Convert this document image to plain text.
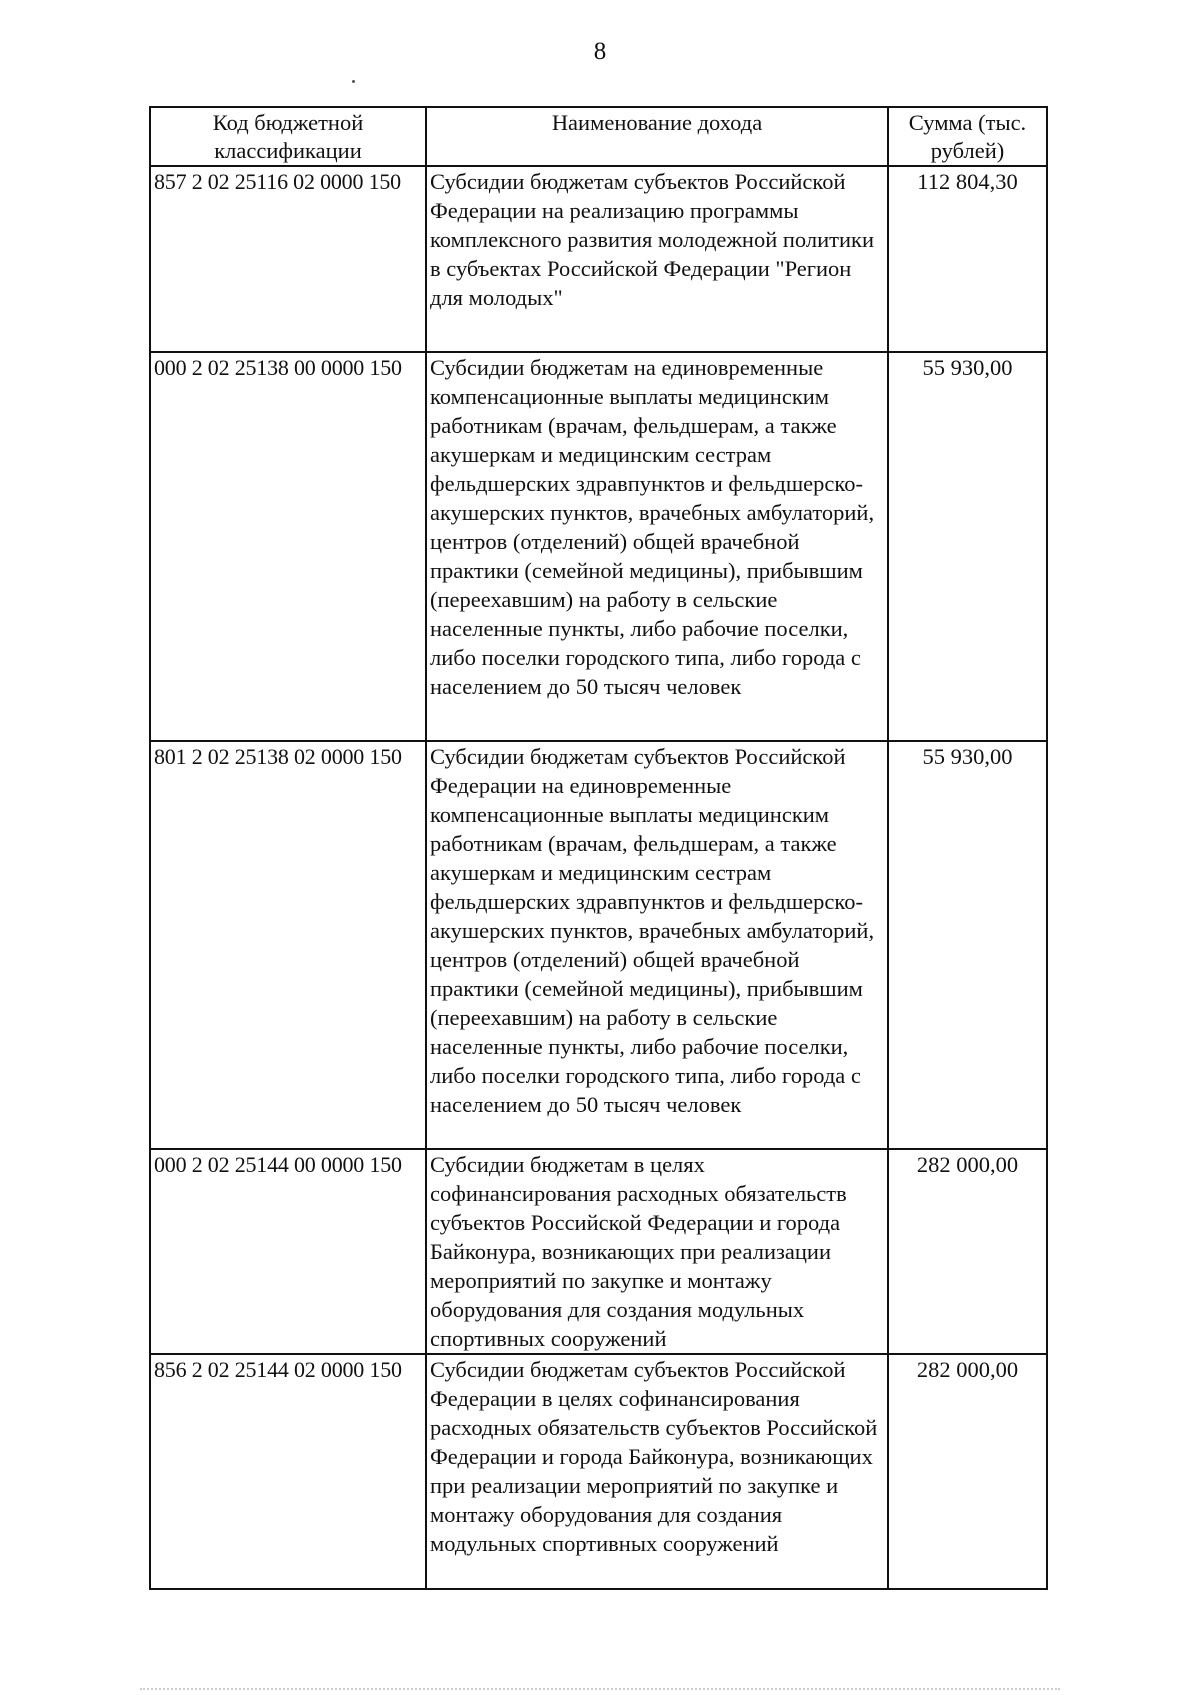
8
Код бюджетной классификации	Наименование дохода	Сумма (тыс. рублей)
857 2 02 25116 02 0000 150	Субсидии бюджетам субъектов Российской Федерации на реализацию программы комплексного развития молодежной политики в субъектах Российской Федерации "Регион для молодых"	112 804,30
000 2 02 25138 00 0000 150	Субсидии бюджетам на единовременные компенсационные выплаты медицинским работникам (врачам, фельдшерам, а также акушеркам и медицинским сестрам фельдшерских здравпунктов и фельдшерско-акушерских пунктов, врачебных амбулаторий, центров (отделений) общей врачебной практики (семейной медицины), прибывшим (переехавшим) на работу в сельские населенные пункты, либо рабочие поселки, либо поселки городского типа, либо города с населением до 50 тысяч человек	55 930,00
801 2 02 25138 02 0000 150	Субсидии бюджетам субъектов Российской Федерации на единовременные компенсационные выплаты медицинским работникам (врачам, фельдшерам, а также акушеркам и медицинским сестрам фельдшерских здравпунктов и фельдшерско-акушерских пунктов, врачебных амбулаторий, центров (отделений) общей врачебной практики (семейной медицины), прибывшим (переехавшим) на работу в сельские населенные пункты, либо рабочие поселки, либо поселки городского типа, либо города с населением до 50 тысяч человек	55 930,00
000 2 02 25144 00 0000 150	Субсидии бюджетам в целях софинансирования расходных обязательств субъектов Российской Федерации и города Байконура, возникающих при реализации мероприятий по закупке и монтажу оборудования для создания модульных спортивных сооружений	282 000,00
856 2 02 25144 02 0000 150	Субсидии бюджетам субъектов Российской Федерации в целях софинансирования расходных обязательств субъектов Российской Федерации и города Байконура, возникающих при реализации мероприятий по закупке и монтажу оборудования для создания модульных спортивных сооружений	282 000,00
